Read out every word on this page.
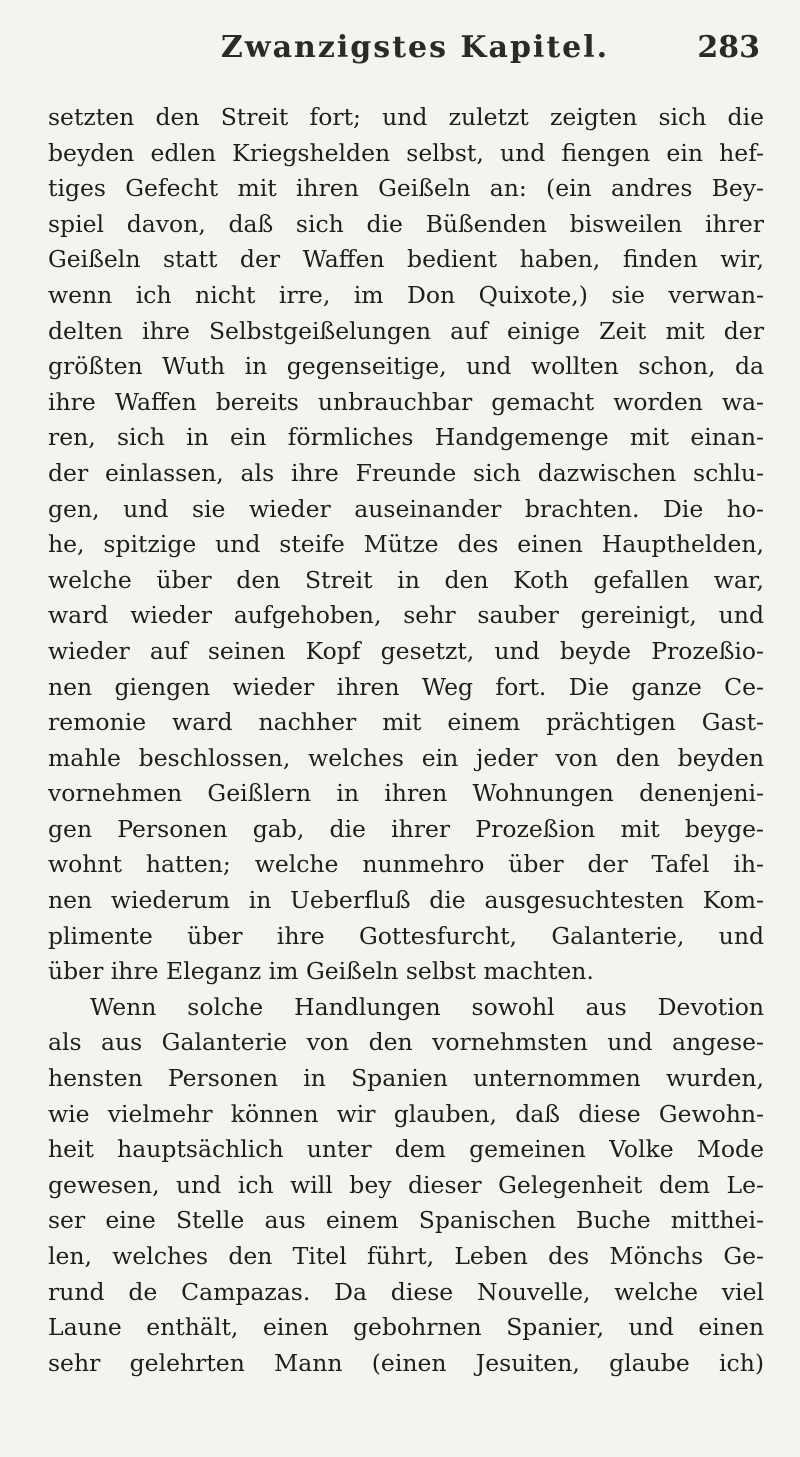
Zwanzigstes Kapitel.	283
setzten den Streit fort; und zuletzt zeigten sich die
beyden edlen Kriegshelden selbst, und fiengen ein hef-
tiges Gefecht mit ihren Geißeln an: (ein andres Bey-
spiel davon, daß sich die Büßenden bisweilen ihrer
Geißeln statt der Waffen bedient haben, finden wir,
wenn ich nicht irre, im Don Quixote,) sie verwan-
delten ihre Selbstgeißelungen auf einige Zeit mit der
größten Wuth in gegenseitige, und wollten schon, da
ihre Waffen bereits unbrauchbar gemacht worden wa-
ren, sich in ein förmliches Handgemenge mit einan-
der einlassen, als ihre Freunde sich dazwischen schlu-
gen, und sie wieder auseinander brachten. Die ho-
he, spitzige und steife Mütze des einen Haupthelden,
welche über den Streit in den Koth gefallen war,
ward wieder aufgehoben, sehr sauber gereinigt, und
wieder auf seinen Kopf gesetzt, und beyde Prozeßio-
nen giengen wieder ihren Weg fort. Die ganze Ce-
remonie ward nachher mit einem prächtigen Gast-
mahle beschlossen, welches ein jeder von den beyden
vornehmen Geißlern in ihren Wohnungen denenjeni-
gen Personen gab, die ihrer Prozeßion mit beyge-
wohnt hatten; welche nunmehro über der Tafel ih-
nen wiederum in Ueberfluß die ausgesuchtesten Kom-
plimente über ihre Gottesfurcht, Galanterie, und
über ihre Eleganz im Geißeln selbst machten.
Wenn solche Handlungen sowohl aus Devotion
als aus Galanterie von den vornehmsten und angese-
hensten Personen in Spanien unternommen wurden,
wie vielmehr können wir glauben, daß diese Gewohn-
heit hauptsächlich unter dem gemeinen Volke Mode
gewesen, und ich will bey dieser Gelegenheit dem Le-
ser eine Stelle aus einem Spanischen Buche mitthei-
len, welches den Titel führt, Leben des Mönchs Ge-
rund de Campazas. Da diese Nouvelle, welche viel
Laune enthält, einen gebohrnen Spanier, und einen
sehr gelehrten Mann (einen Jesuiten, glaube ich)
